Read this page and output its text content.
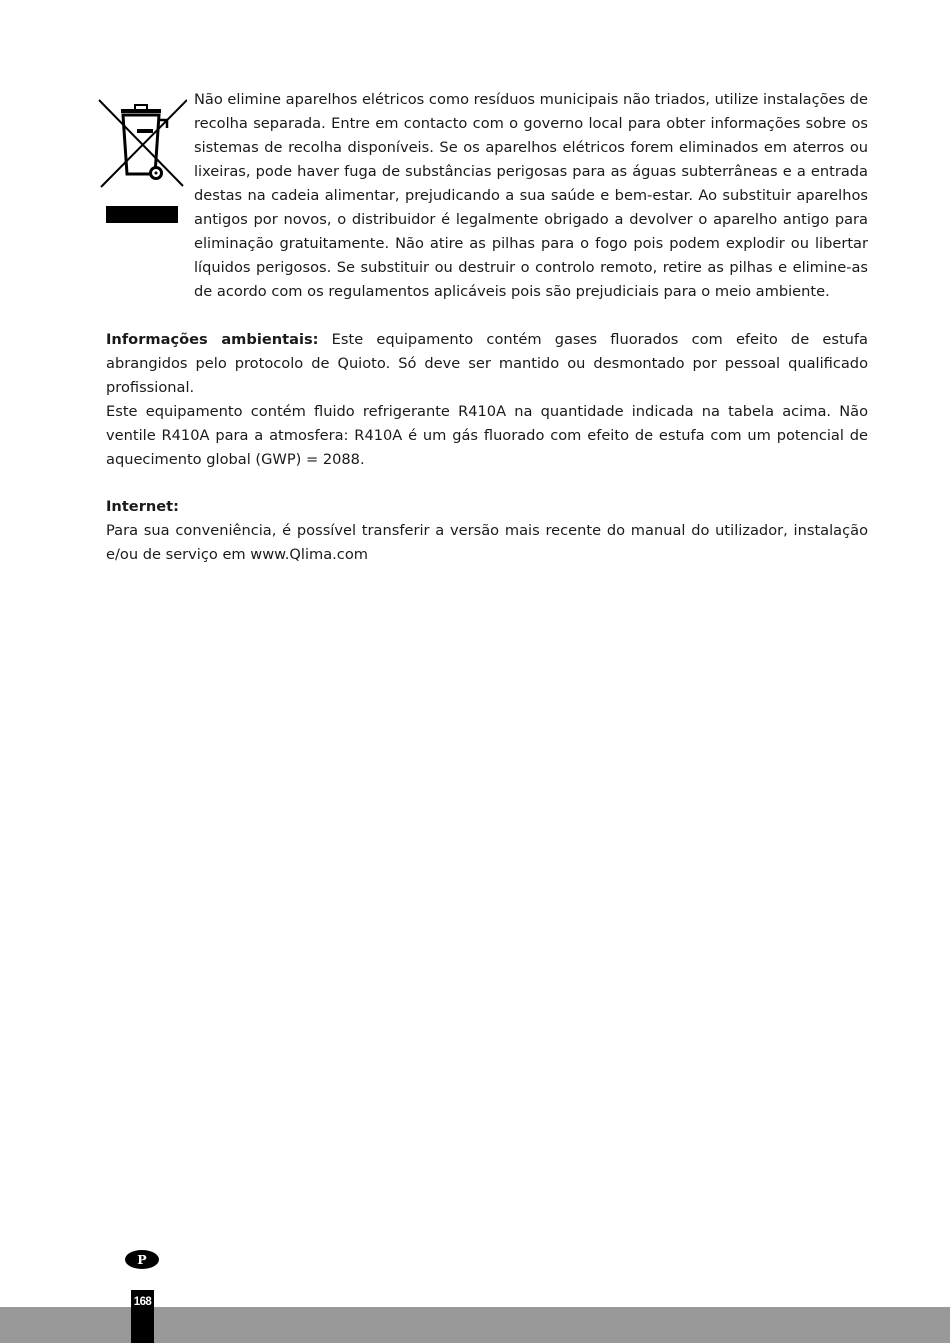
Não elimine aparelhos elétricos como resíduos municipais não triados, utilize instalações de recolha separada. Entre em contacto com o governo local para obter informações sobre os sistemas de recolha disponíveis. Se os aparelhos elétricos forem eliminados em aterros ou lixeiras, pode haver fuga de substâncias perigosas para as águas subterrâneas e a entrada destas na cadeia alimentar, prejudicando a sua saúde e bem-estar. Ao substituir aparelhos antigos por novos, o distribuidor é legalmente obrigado a devolver o aparelho antigo para eliminação gratuitamente. Não atire as pilhas para o fogo pois podem explodir ou libertar líquidos perigosos. Se substituir ou destruir o controlo remoto, retire as pilhas e elimine-as de acordo com os regulamentos aplicáveis pois são prejudiciais para o meio ambiente.

Informações ambientais: Este equipamento contém gases fluorados com efeito de estufa abrangidos pelo protocolo de Quioto. Só deve ser mantido ou desmontado por pessoal qualificado profissional.

Este equipamento contém fluido refrigerante R410A na quantidade indicada na tabela acima. Não ventile R410A para a atmosfera: R410A é um gás fluorado com efeito de estufa com um potencial de aquecimento global (GWP) = 2088.

Internet:

Para sua conveniência, é possível transferir a versão mais recente do manual do utilizador, instalação e/ou de serviço em www.Qlima.com

P
168
